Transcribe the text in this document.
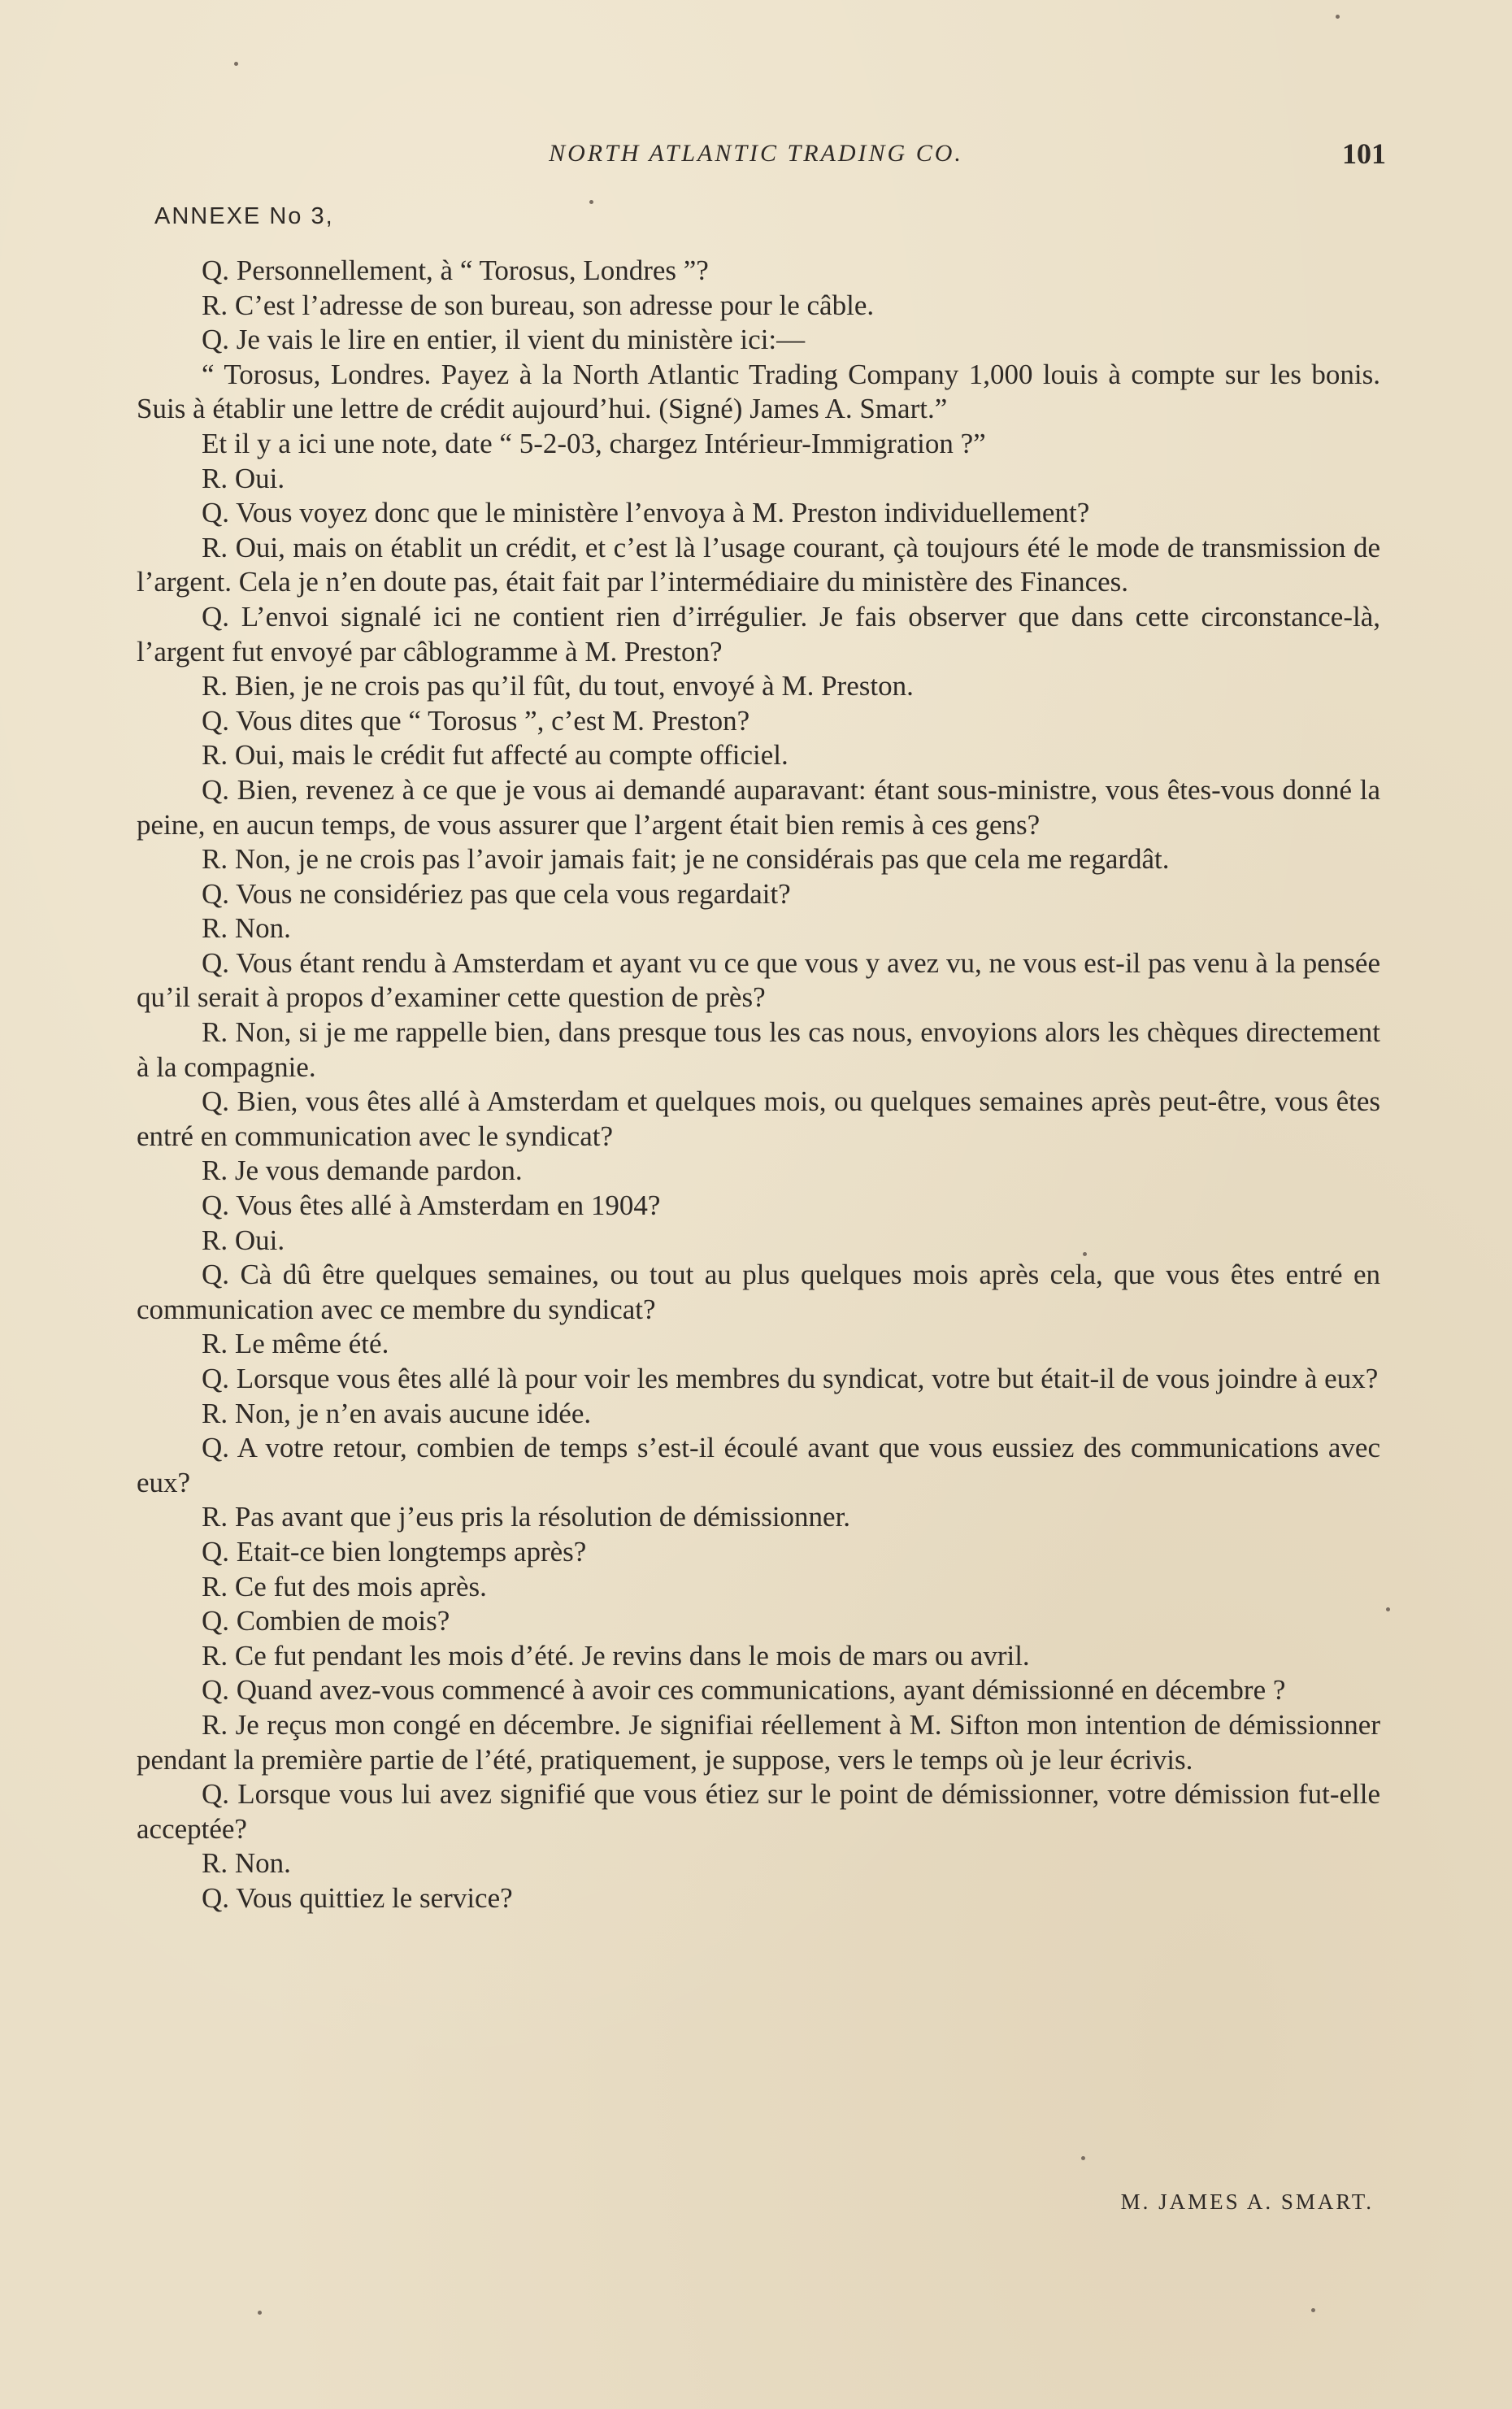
NORTH ATLANTIC TRADING CO.	101
ANNEXE No 3,

Q. Personnellement, à “ Torosus, Londres ”?

R. C’est l’adresse de son bureau, son adresse pour le câble.

Q. Je vais le lire en entier, il vient du ministère ici:—

“ Torosus, Londres. Payez à la North Atlantic Trading Company 1,000 louis à compte sur les bonis. Suis à établir une lettre de crédit aujourd’hui. (Signé) James A. Smart.”

Et il y a ici une note, date “ 5-2-03, chargez Intérieur-Immigration ?”

R. Oui.

Q. Vous voyez donc que le ministère l’envoya à M. Preston individuellement?

R. Oui, mais on établit un crédit, et c’est là l’usage courant, çà toujours été le mode de transmission de l’argent. Cela je n’en doute pas, était fait par l’intermédiaire du ministère des Finances.

Q. L’envoi signalé ici ne contient rien d’irrégulier. Je fais observer que dans cette circonstance-là, l’argent fut envoyé par câblogramme à M. Preston?

R. Bien, je ne crois pas qu’il fût, du tout, envoyé à M. Preston.

Q. Vous dites que “ Torosus ”, c’est M. Preston?

R. Oui, mais le crédit fut affecté au compte officiel.

Q. Bien, revenez à ce que je vous ai demandé auparavant: étant sous-ministre, vous êtes-vous donné la peine, en aucun temps, de vous assurer que l’argent était bien remis à ces gens?

R. Non, je ne crois pas l’avoir jamais fait; je ne considérais pas que cela me regardât.

Q. Vous ne considériez pas que cela vous regardait?

R. Non.

Q. Vous étant rendu à Amsterdam et ayant vu ce que vous y avez vu, ne vous est-il pas venu à la pensée qu’il serait à propos d’examiner cette question de près?

R. Non, si je me rappelle bien, dans presque tous les cas nous, envoyions alors les chèques directement à la compagnie.

Q. Bien, vous êtes allé à Amsterdam et quelques mois, ou quelques semaines après peut-être, vous êtes entré en communication avec le syndicat?

R. Je vous demande pardon.

Q. Vous êtes allé à Amsterdam en 1904?

R. Oui.

Q. Cà dû être quelques semaines, ou tout au plus quelques mois après cela, que vous êtes entré en communication avec ce membre du syndicat?

R. Le même été.

Q. Lorsque vous êtes allé là pour voir les membres du syndicat, votre but était-il de vous joindre à eux?

R. Non, je n’en avais aucune idée.

Q. A votre retour, combien de temps s’est-il écoulé avant que vous eussiez des communications avec eux?

R. Pas avant que j’eus pris la résolution de démissionner.

Q. Etait-ce bien longtemps après?

R. Ce fut des mois après.

Q. Combien de mois?

R. Ce fut pendant les mois d’été. Je revins dans le mois de mars ou avril.

Q. Quand avez-vous commencé à avoir ces communications, ayant démissionné en décembre ?

R. Je reçus mon congé en décembre. Je signifiai réellement à M. Sifton mon intention de démissionner pendant la première partie de l’été, pratiquement, je suppose, vers le temps où je leur écrivis.

Q. Lorsque vous lui avez signifié que vous étiez sur le point de démissionner, votre démission fut-elle acceptée?

R. Non.

Q. Vous quittiez le service?

M. JAMES A. SMART.
